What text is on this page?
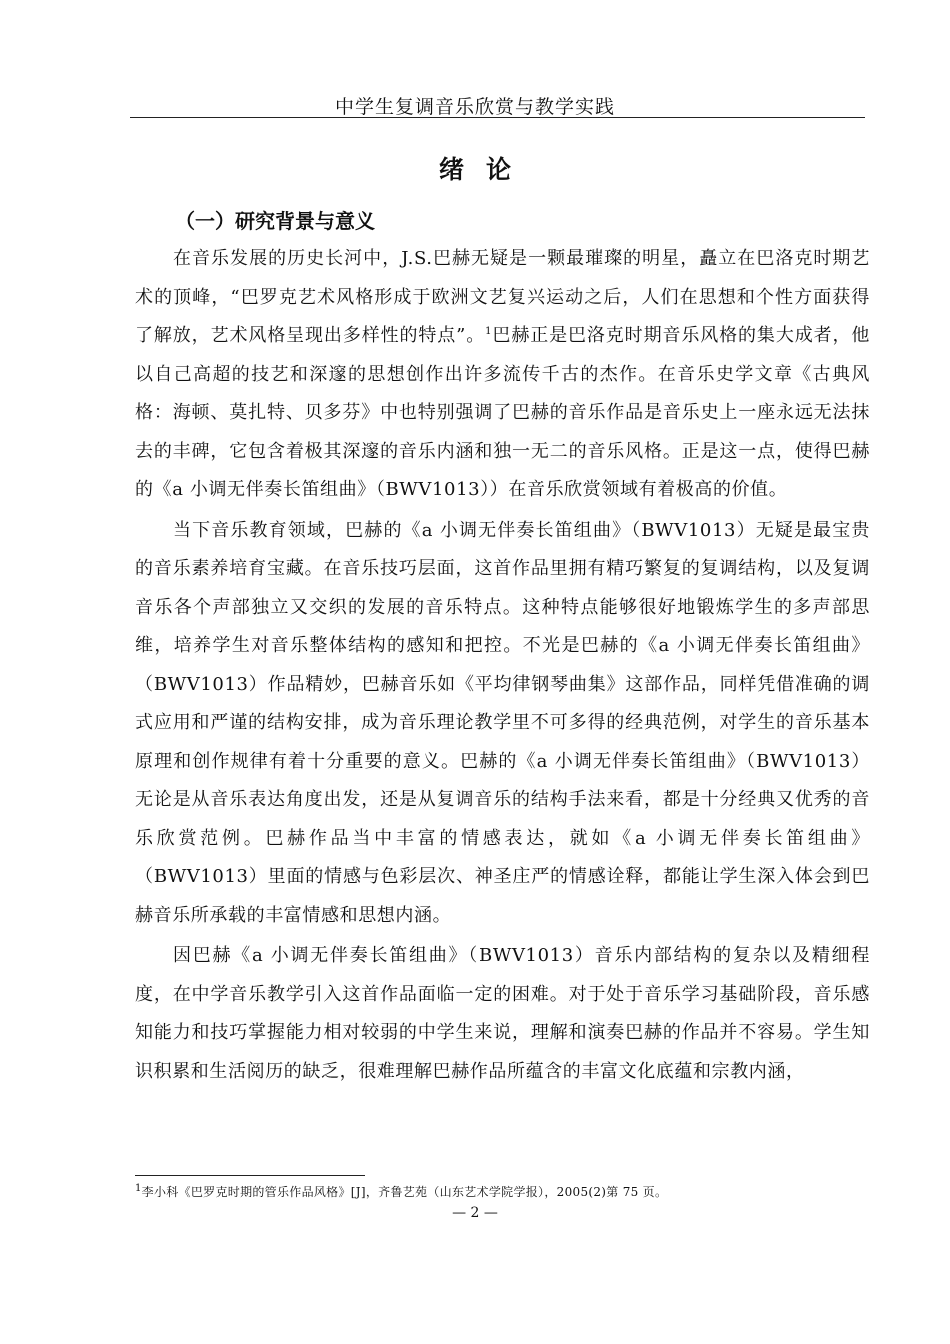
中学生复调音乐欣赏与教学实践
绪论
（一）研究背景与意义

在音乐发展的历史长河中，J.S.巴赫无疑是一颗最璀璨的明星，矗立在巴洛克时期艺术的顶峰，“巴罗克艺术风格形成于欧洲文艺复兴运动之后，人们在思想和个性方面获得了解放，艺术风格呈现出多样性的特点”。$^1$巴赫正是巴洛克时期音乐风格的集大成者，他以自己高超的技艺和深邃的思想创作出许多流传千古的杰作。在音乐史学文章《古典风格：海顿、莫扎特、贝多芬》中也特别强调了巴赫的音乐作品是音乐史上一座永远无法抹去的丰碑，它包含着极其深邃的音乐内涵和独一无二的音乐风格。正是这一点，使得巴赫的《a 小调无伴奏长笛组曲》（BWV1013））在音乐欣赏领域有着极高的价值。

当下音乐教育领域，巴赫的《a 小调无伴奏长笛组曲》（BWV1013）无疑是最宝贵的音乐素养培育宝藏。在音乐技巧层面，这首作品里拥有精巧繁复的复调结构，以及复调音乐各个声部独立又交织的发展的音乐特点。这种特点能够很好地锻炼学生的多声部思维，培养学生对音乐整体结构的感知和把控。不光是巴赫的《a 小调无伴奏长笛组曲》（BWV1013）作品精妙，巴赫音乐如《平均律钢琴曲集》这部作品，同样凭借准确的调式应用和严谨的结构安排，成为音乐理论教学里不可多得的经典范例，对学生的音乐基本原理和创作规律有着十分重要的意义。巴赫的《a 小调无伴奏长笛组曲》（BWV1013）无论是从音乐表达角度出发，还是从复调音乐的结构手法来看，都是十分经典又优秀的音乐欣赏范例。巴赫作品当中丰富的情感表达，就如《a 小调无伴奏长笛组曲》（BWV1013）里面的情感与色彩层次、神圣庄严的情感诠释，都能让学生深入体会到巴赫音乐所承载的丰富情感和思想内涵。

因巴赫《a 小调无伴奏长笛组曲》（BWV1013）音乐内部结构的复杂以及精细程度，在中学音乐教学引入这首作品面临一定的困难。对于处于音乐学习基础阶段，音乐感知能力和技巧掌握能力相对较弱的中学生来说，理解和演奏巴赫的作品并不容易。学生知识积累和生活阅历的缺乏，很难理解巴赫作品所蕴含的丰富文化底蕴和宗教内涵，

$^1$李小科《巴罗克时期的管乐作品风格》[J]，齐鲁艺苑（山东艺术学院学报），2005(2)第 75 页。
— 2 —
